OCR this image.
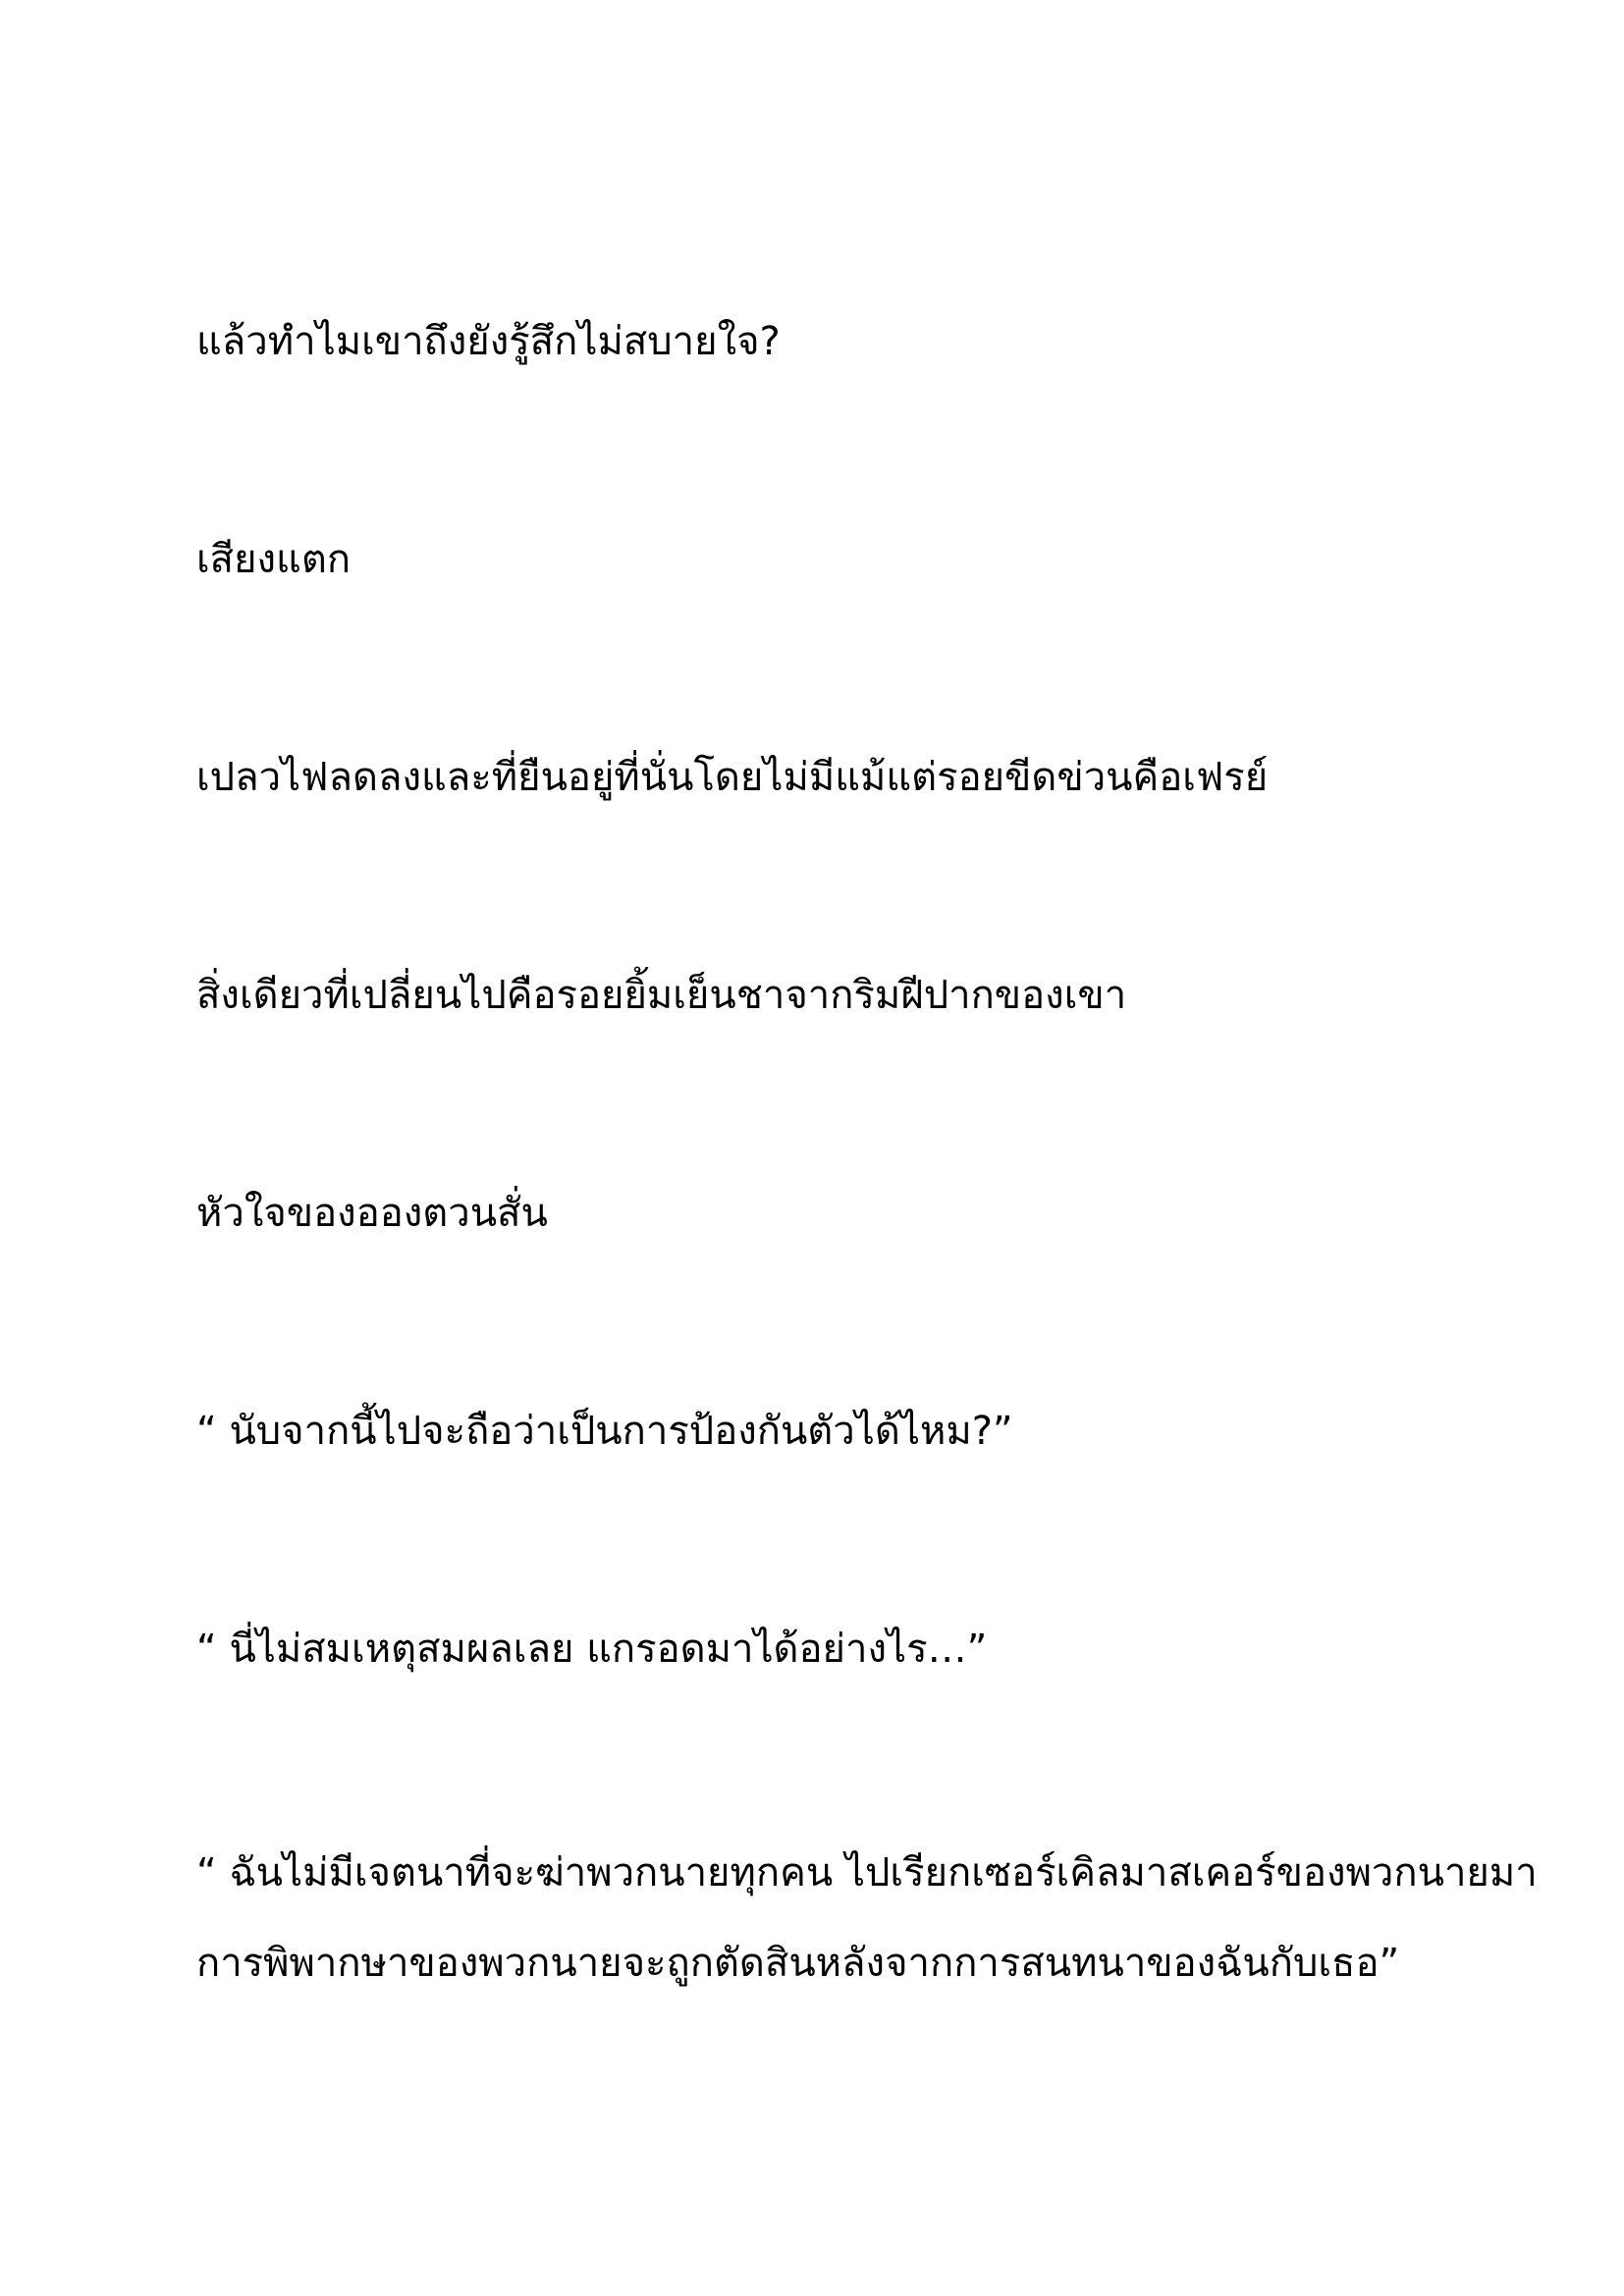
แล้วทำไมเขาถึงยังรู้สึกไม่สบายใจ?

เสียงแตก

เปลวไฟลดลงและที่ยืนอยู่ที่นั่นโดยไม่มีแม้แต่รอยขีดข่วนคือเฟรย์

สิ่งเดียวที่เปลี่ยนไปคือรอยยิ้มเย็นชาจากริมฝีปากของเขา

หัวใจของอองตวนสั่น

“ นับจากนี้ไปจะถือว่าเป็นการป้องกันตัวได้ไหม?”

“ นี่ไม่สมเหตุสมผลเลย แกรอดมาได้อย่างไร…”

“ ฉันไม่มีเจตนาที่จะฆ่าพวกนายทุกคน ไปเรียกเซอร์เคิลมาสเคอร์ของพวกนายมา

การพิพากษาของพวกนายจะถูกตัดสินหลังจากการสนทนาของฉันกับเธอ”
